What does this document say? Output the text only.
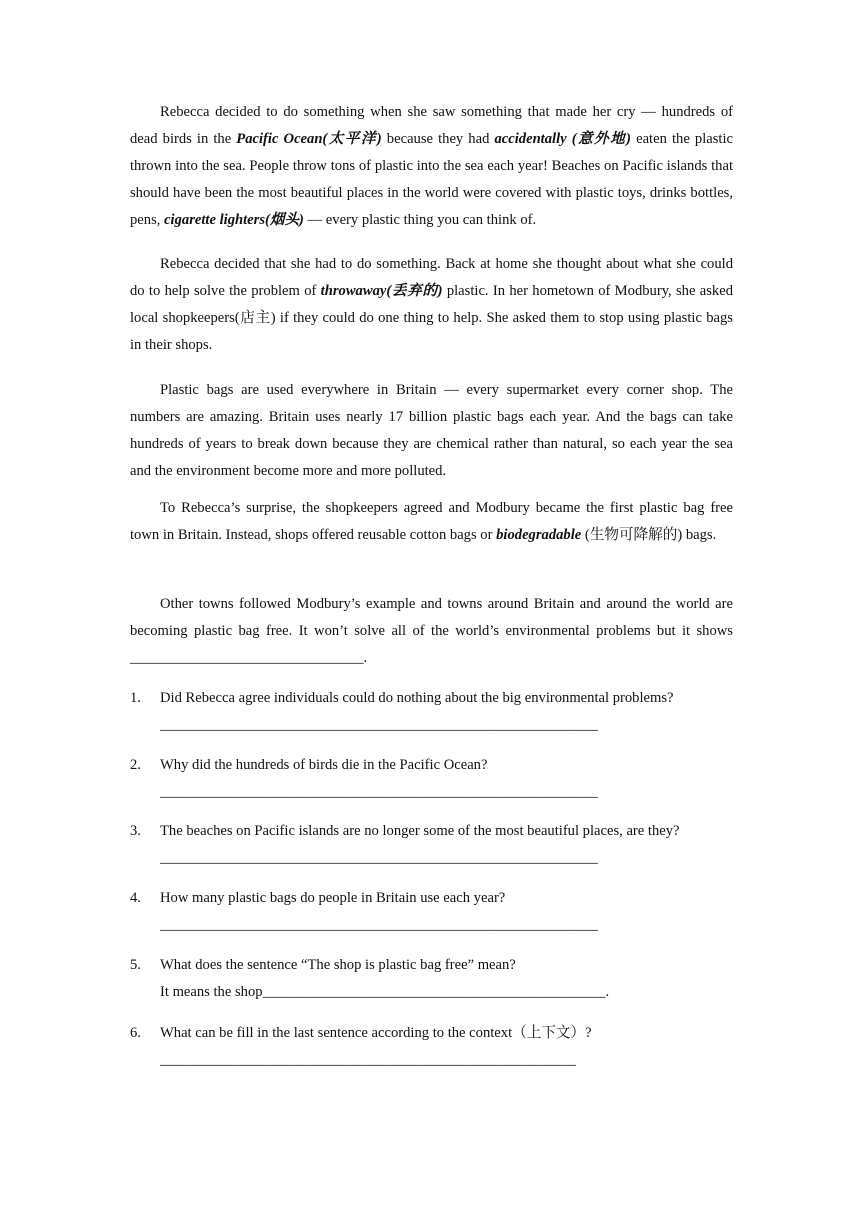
Rebecca decided to do something when she saw something that made her cry — hundreds of dead birds in the Pacific Ocean(太平洋) because they had accidentally (意外地) eaten the plastic thrown into the sea. People throw tons of plastic into the sea each year! Beaches on Pacific islands that should have been the most beautiful places in the world were covered with plastic toys, drinks bottles, pens, cigarette lighters(烟头) — every plastic thing you can think of.

Rebecca decided that she had to do something. Back at home she thought about what she could do to help solve the problem of throwaway(丢弃的) plastic. In her hometown of Modbury, she asked local shopkeepers(店主) if they could do one thing to help. She asked them to stop using plastic bags in their shops.

Plastic bags are used everywhere in Britain — every supermarket every corner shop. The numbers are amazing. Britain uses nearly 17 billion plastic bags each year. And the bags can take hundreds of years to break down because they are chemical rather than natural, so each year the sea and the environment become more and more polluted.

To Rebecca’s surprise, the shopkeepers agreed and Modbury became the first plastic bag free town in Britain. Instead, shops offered reusable cotton bags or biodegradable (生物可降解的) bags.

Other towns followed Modbury’s example and towns around Britain and around the world are becoming plastic bag free. It won’t solve all of the world’s environmental problems but it shows ________________________________.

1. Did Rebecca agree individuals could do nothing about the big environmental problems?
____________________________________________________________
2. Why did the hundreds of birds die in the Pacific Ocean?
____________________________________________________________
3. The beaches on Pacific islands are no longer some of the most beautiful places, are they?
____________________________________________________________
4. How many plastic bags do people in Britain use each year?
____________________________________________________________
5. What does the sentence “The shop is plastic bag free” mean?
It means the shop_______________________________________________.
6. What can be fill in the last sentence according to the context（上下文）?
_________________________________________________________
